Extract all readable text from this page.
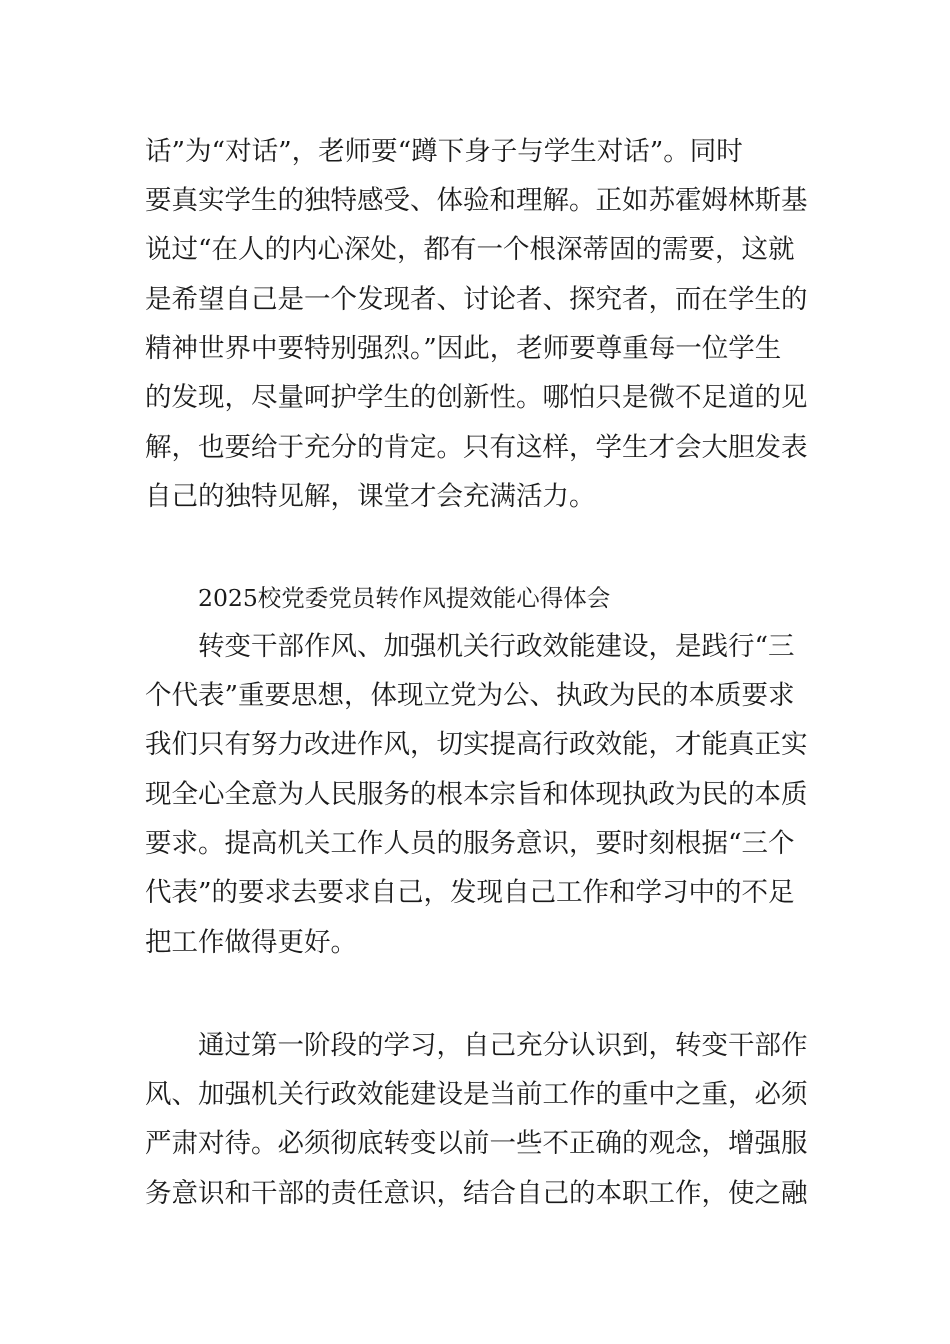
话”为“对话”，老师要“蹲下身子与学生对话”。同时
要真实学生的独特感受、体验和理解。正如苏霍姆林斯基
说过“在人的内心深处，都有一个根深蒂固的需要，这就
是希望自己是一个发现者、讨论者、探究者，而在学生的
精神世界中要特别强烈。”因此，老师要尊重每一位学生
的发现，尽量呵护学生的创新性。哪怕只是微不足道的见
解，也要给于充分的肯定。只有这样，学生才会大胆发表
自己的独特见解，课堂才会充满活力。
2025校党委党员转作风提效能心得体会
转变干部作风、加强机关行政效能建设，是践行“三
个代表”重要思想，体现立党为公、执政为民的本质要求
我们只有努力改进作风，切实提高行政效能，才能真正实
现全心全意为人民服务的根本宗旨和体现执政为民的本质
要求。提高机关工作人员的服务意识，要时刻根据“三个
代表”的要求去要求自己，发现自己工作和学习中的不足
把工作做得更好。
通过第一阶段的学习，自己充分认识到，转变干部作
风、加强机关行政效能建设是当前工作的重中之重，必须
严肃对待。必须彻底转变以前一些不正确的观念，增强服
务意识和干部的责任意识，结合自己的本职工作，使之融
